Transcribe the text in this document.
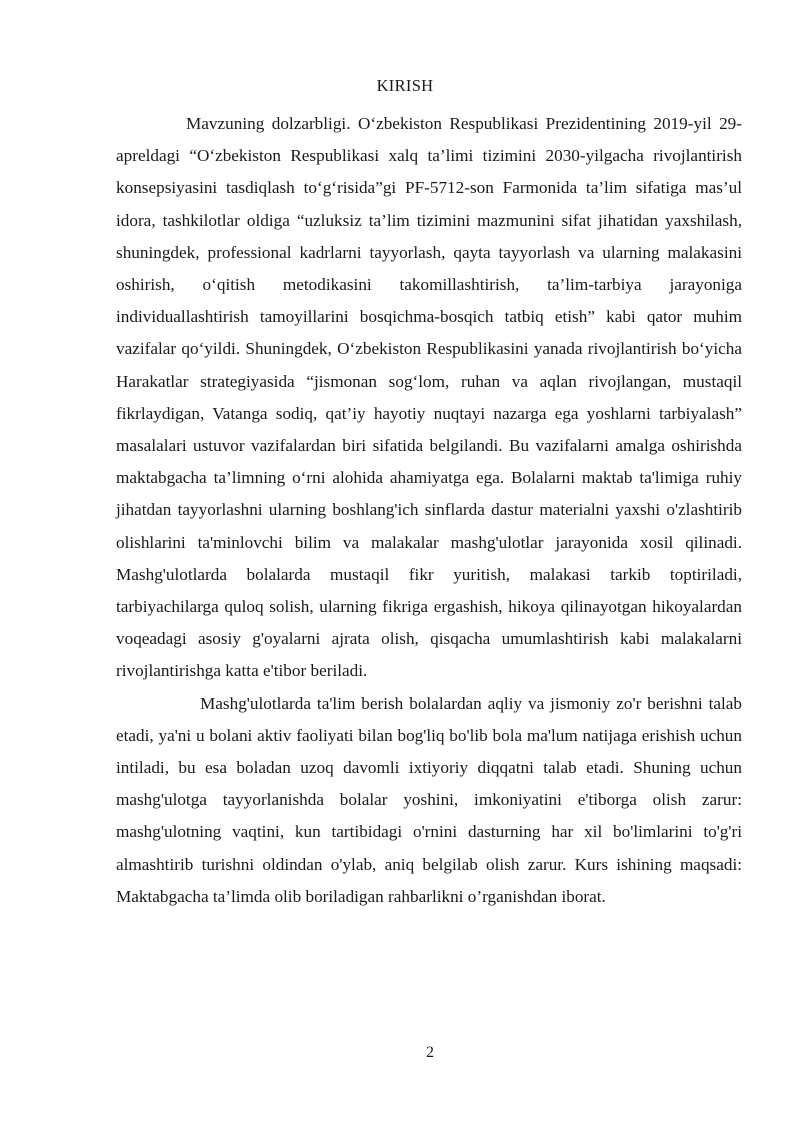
KIRISH

Mavzuning dolzarbligi. O‘zbekiston Respublikasi Prezidentining 2019-yil 29-apreldagi “O‘zbekiston Respublikasi xalq ta’limi tizimini 2030-yilgacha rivojlantirish konsepsiyasini tasdiqlash to‘g‘risida”gi PF-5712-son Farmonida ta’lim sifatiga mas’ul idora, tashkilotlar oldiga “uzluksiz ta’lim tizimini mazmunini sifat jihatidan yaxshilash, shuningdek, professional kadrlarni tayyorlash, qayta tayyorlash va ularning malakasini oshirish, o‘qitish metodikasini takomillashtirish, ta’lim-tarbiya jarayoniga individuallashtirish tamoyillarini bosqichma-bosqich tatbiq etish” kabi qator muhim vazifalar qo‘yildi. Shuningdek, O‘zbekiston Respublikasini yanada rivojlantirish bo‘yicha Harakatlar strategiyasida “jismonan sog‘lom, ruhan va aqlan rivojlangan, mustaqil fikrlaydigan, Vatanga sodiq, qat’iy hayotiy nuqtayi nazarga ega yoshlarni tarbiyalash” masalalari ustuvor vazifalardan biri sifatida belgilandi. Bu vazifalarni amalga oshirishda maktabgacha ta’limning o‘rni alohida ahamiyatga ega. Bolalarni maktab ta'limiga ruhiy jihatdan tayyorlashni ularning boshlang'ich sinflarda dastur materialni yaxshi o'zlashtirib olishlarini ta'minlovchi bilim va malakalar mashg'ulotlar jarayonida xosil qilinadi. Mashg'ulotlarda bolalarda mustaqil fikr yuritish, malakasi tarkib toptiriladi, tarbiyachilarga quloq solish, ularning fikriga ergashish, hikoya qilinayotgan hikoyalardan voqeadagi asosiy g'oyalarni ajrata olish, qisqacha umumlashtirish kabi malakalarni rivojlantirishga katta e'tibor beriladi.

Mashg'ulotlarda ta'lim berish bolalardan aqliy va jismoniy zo'r berishni talab etadi, ya'ni u bolani aktiv faoliyati bilan bog'liq bo'lib bola ma'lum natijaga erishish uchun intiladi, bu esa boladan uzoq davomli ixtiyoriy diqqatni talab etadi. Shuning uchun mashg'ulotga tayyorlanishda bolalar yoshini, imkoniyatini e'tiborga olish zarur: mashg'ulotning vaqtini, kun tartibidagi o'rnini dasturning har xil bo'limlarini to'g'ri almashtirib turishni oldindan o'ylab, aniq belgilab olish zarur. Kurs ishining maqsadi: Maktabgacha ta’limda olib boriladigan rahbarlikni o’rganishdan iborat.

2
